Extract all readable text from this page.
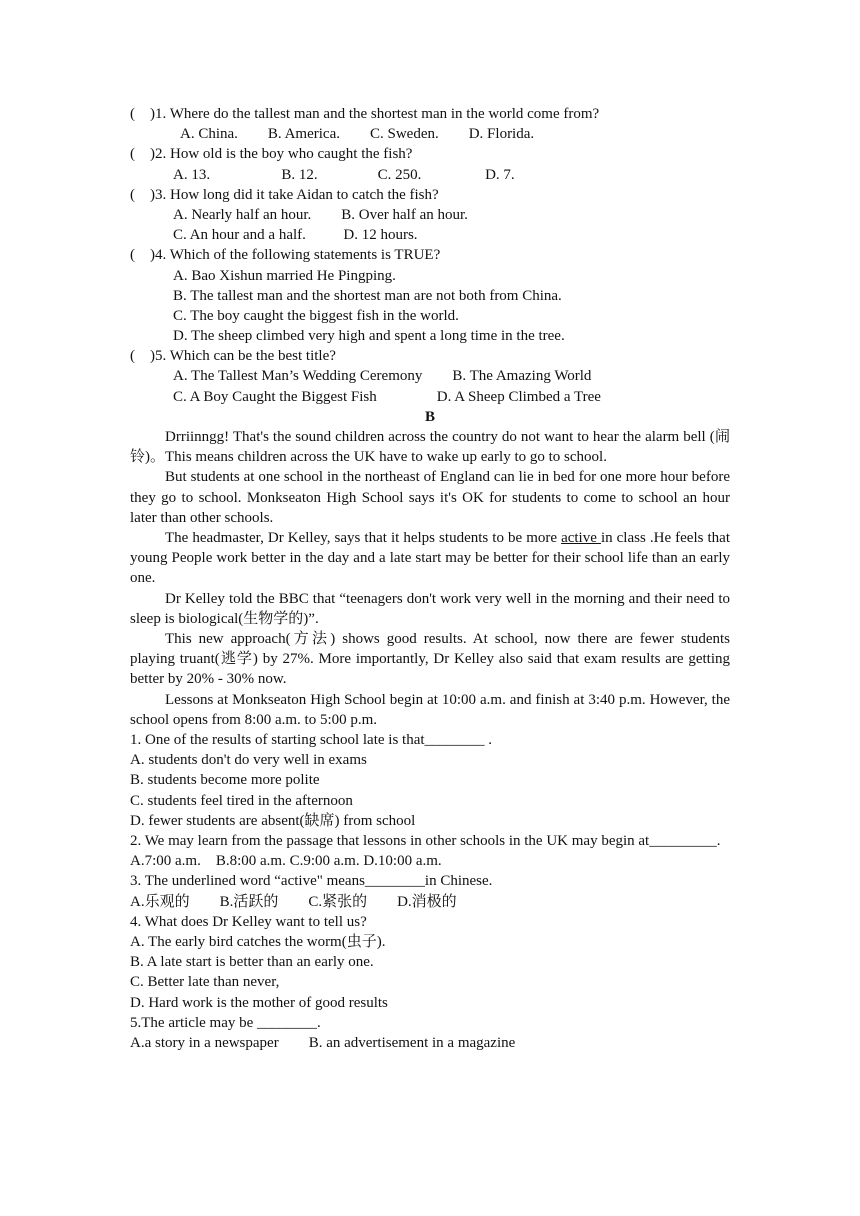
(    )1. Where do the tallest man and the shortest man in the world come from?
A. China.        B. America.        C. Sweden.        D. Florida.
(    )2. How old is the boy who caught the fish?
A. 13.                   B. 12.                C. 250.                 D. 7.
(    )3. How long did it take Aidan to catch the fish?
A. Nearly half an hour.        B. Over half an hour.
C. An hour and a half.          D. 12 hours.
(    )4. Which of the following statements is TRUE?
A. Bao Xishun married He Pingping.
B. The tallest man and the shortest man are not both from China.
C. The boy caught the biggest fish in the world.
D. The sheep climbed very high and spent a long time in the tree.
(    )5. Which can be the best title?
A. The Tallest Man’s Wedding Ceremony        B. The Amazing World
C. A Boy Caught the Biggest Fish                D. A Sheep Climbed a Tree
B
Drriinngg! That's the sound children across the country do not want to hear the alarm bell (闹铃)。This means children across the UK have to wake up early to go to school.
But students at one school in the northeast of England can lie in bed for one more hour before they go to school. Monkseaton High School says it's OK for students to come to school an hour later than other schools.
The headmaster, Dr Kelley, says that it helps students to be more active in class .He feels that young People work better in the day and a late start may be better for their school life than an early one.
Dr Kelley told the BBC that “teenagers don't work very well in the morning and their need to sleep is biological(生物学的)”.
This new approach(方法) shows good results. At school, now there are fewer students playing truant(逃学) by 27%. More importantly, Dr Kelley also said that exam results are getting better by 20% - 30% now.
Lessons at Monkseaton High School begin at 10:00 a.m. and finish at 3:40 p.m. However, the school opens from 8:00 a.m. to 5:00 p.m.
1. One of the results of starting school late is that________ .
A. students don't do very well in exams
B. students become more polite
C. students feel tired in the afternoon
D. fewer students are absent(缺席) from school
2. We may learn from the passage that lessons in other schools in the UK may begin at_________.
A.7:00 a.m.    B.8:00 a.m. C.9:00 a.m. D.10:00 a.m.
3. The underlined word “active" means________in Chinese.
A.乐观的        B.活跃的        C.紧张的        D.消极的
4. What does Dr Kelley want to tell us?
A. The early bird catches the worm(虫子).
B. A late start is better than an early one.
C. Better late than never,
D. Hard work is the mother of good results
5.The article may be ________.
A.a story in a newspaper        B. an advertisement in a magazine
